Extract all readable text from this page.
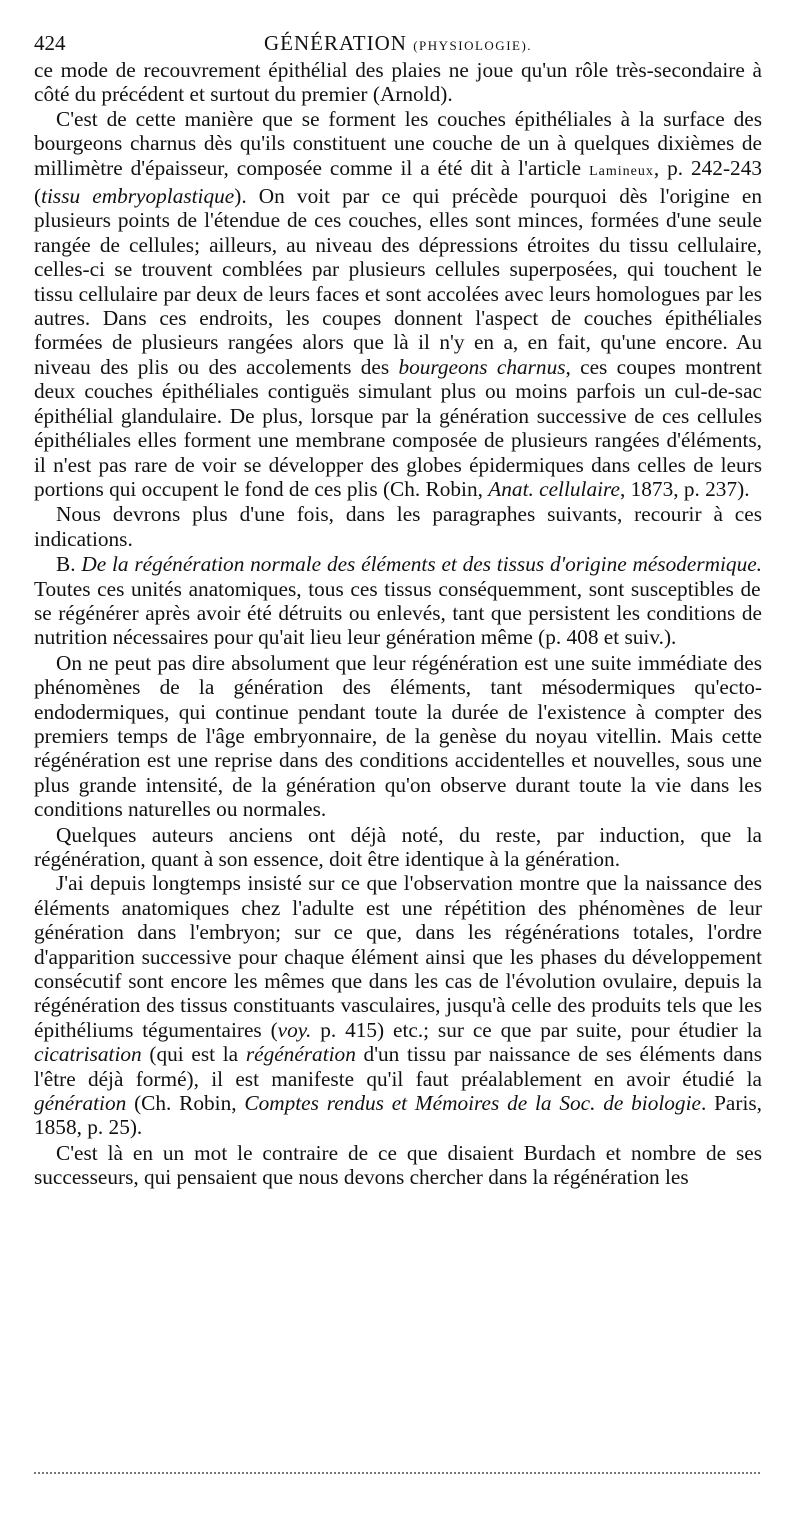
424	GÉNÉRATION (PHYSIOLOGIE).

ce mode de recouvrement épithélial des plaies ne joue qu'un rôle très-secondaire à côté du précédent et surtout du premier (Arnold).

C'est de cette manière que se forment les couches épithéliales à la surface des bourgeons charnus dès qu'ils constituent une couche de un à quelques dixièmes de millimètre d'épaisseur, composée comme il a été dit à l'article Lamineux, p. 242-243 (tissu embryoplastique). On voit par ce qui précède pourquoi dès l'origine en plusieurs points de l'étendue de ces couches, elles sont minces, formées d'une seule rangée de cellules; ailleurs, au niveau des dépressions étroites du tissu cellulaire, celles-ci se trouvent comblées par plusieurs cellules superposées, qui touchent le tissu cellulaire par deux de leurs faces et sont accolées avec leurs homologues par les autres. Dans ces endroits, les coupes donnent l'aspect de couches épithéliales formées de plusieurs rangées alors que là il n'y en a, en fait, qu'une encore. Au niveau des plis ou des accolements des bourgeons charnus, ces coupes montrent deux couches épithéliales contiguës simulant plus ou moins parfois un cul-de-sac épithélial glandulaire. De plus, lorsque par la génération successive de ces cellules épithéliales elles forment une membrane composée de plusieurs rangées d'éléments, il n'est pas rare de voir se développer des globes épidermiques dans celles de leurs portions qui occupent le fond de ces plis (Ch. Robin, Anat. cellulaire, 1873, p. 237).

Nous devrons plus d'une fois, dans les paragraphes suivants, recourir à ces indications.

B. De la régénération normale des éléments et des tissus d'origine mésodermique. Toutes ces unités anatomiques, tous ces tissus conséquemment, sont susceptibles de se régénérer après avoir été détruits ou enlevés, tant que persistent les conditions de nutrition nécessaires pour qu'ait lieu leur génération même (p. 408 et suiv.).

On ne peut pas dire absolument que leur régénération est une suite immédiate des phénomènes de la génération des éléments, tant mésodermiques qu'ecto-endodermiques, qui continue pendant toute la durée de l'existence à compter des premiers temps de l'âge embryonnaire, de la genèse du noyau vitellin. Mais cette régénération est une reprise dans des conditions accidentelles et nouvelles, sous une plus grande intensité, de la génération qu'on observe durant toute la vie dans les conditions naturelles ou normales.

Quelques auteurs anciens ont déjà noté, du reste, par induction, que la régénération, quant à son essence, doit être identique à la génération.

J'ai depuis longtemps insisté sur ce que l'observation montre que la naissance des éléments anatomiques chez l'adulte est une répétition des phénomènes de leur génération dans l'embryon; sur ce que, dans les régénérations totales, l'ordre d'apparition successive pour chaque élément ainsi que les phases du développement consécutif sont encore les mêmes que dans les cas de l'évolution ovulaire, depuis la régénération des tissus constituants vasculaires, jusqu'à celle des produits tels que les épithéliums tégumentaires (voy. p. 415) etc.; sur ce que par suite, pour étudier la cicatrisation (qui est la régénération d'un tissu par naissance de ses éléments dans l'être déjà formé), il est manifeste qu'il faut préalablement en avoir étudié la génération (Ch. Robin, Comptes rendus et Mémoires de la Soc. de biologie. Paris, 1858, p. 25).

C'est là en un mot le contraire de ce que disaient Burdach et nombre de ses successeurs, qui pensaient que nous devons chercher dans la régénération les
